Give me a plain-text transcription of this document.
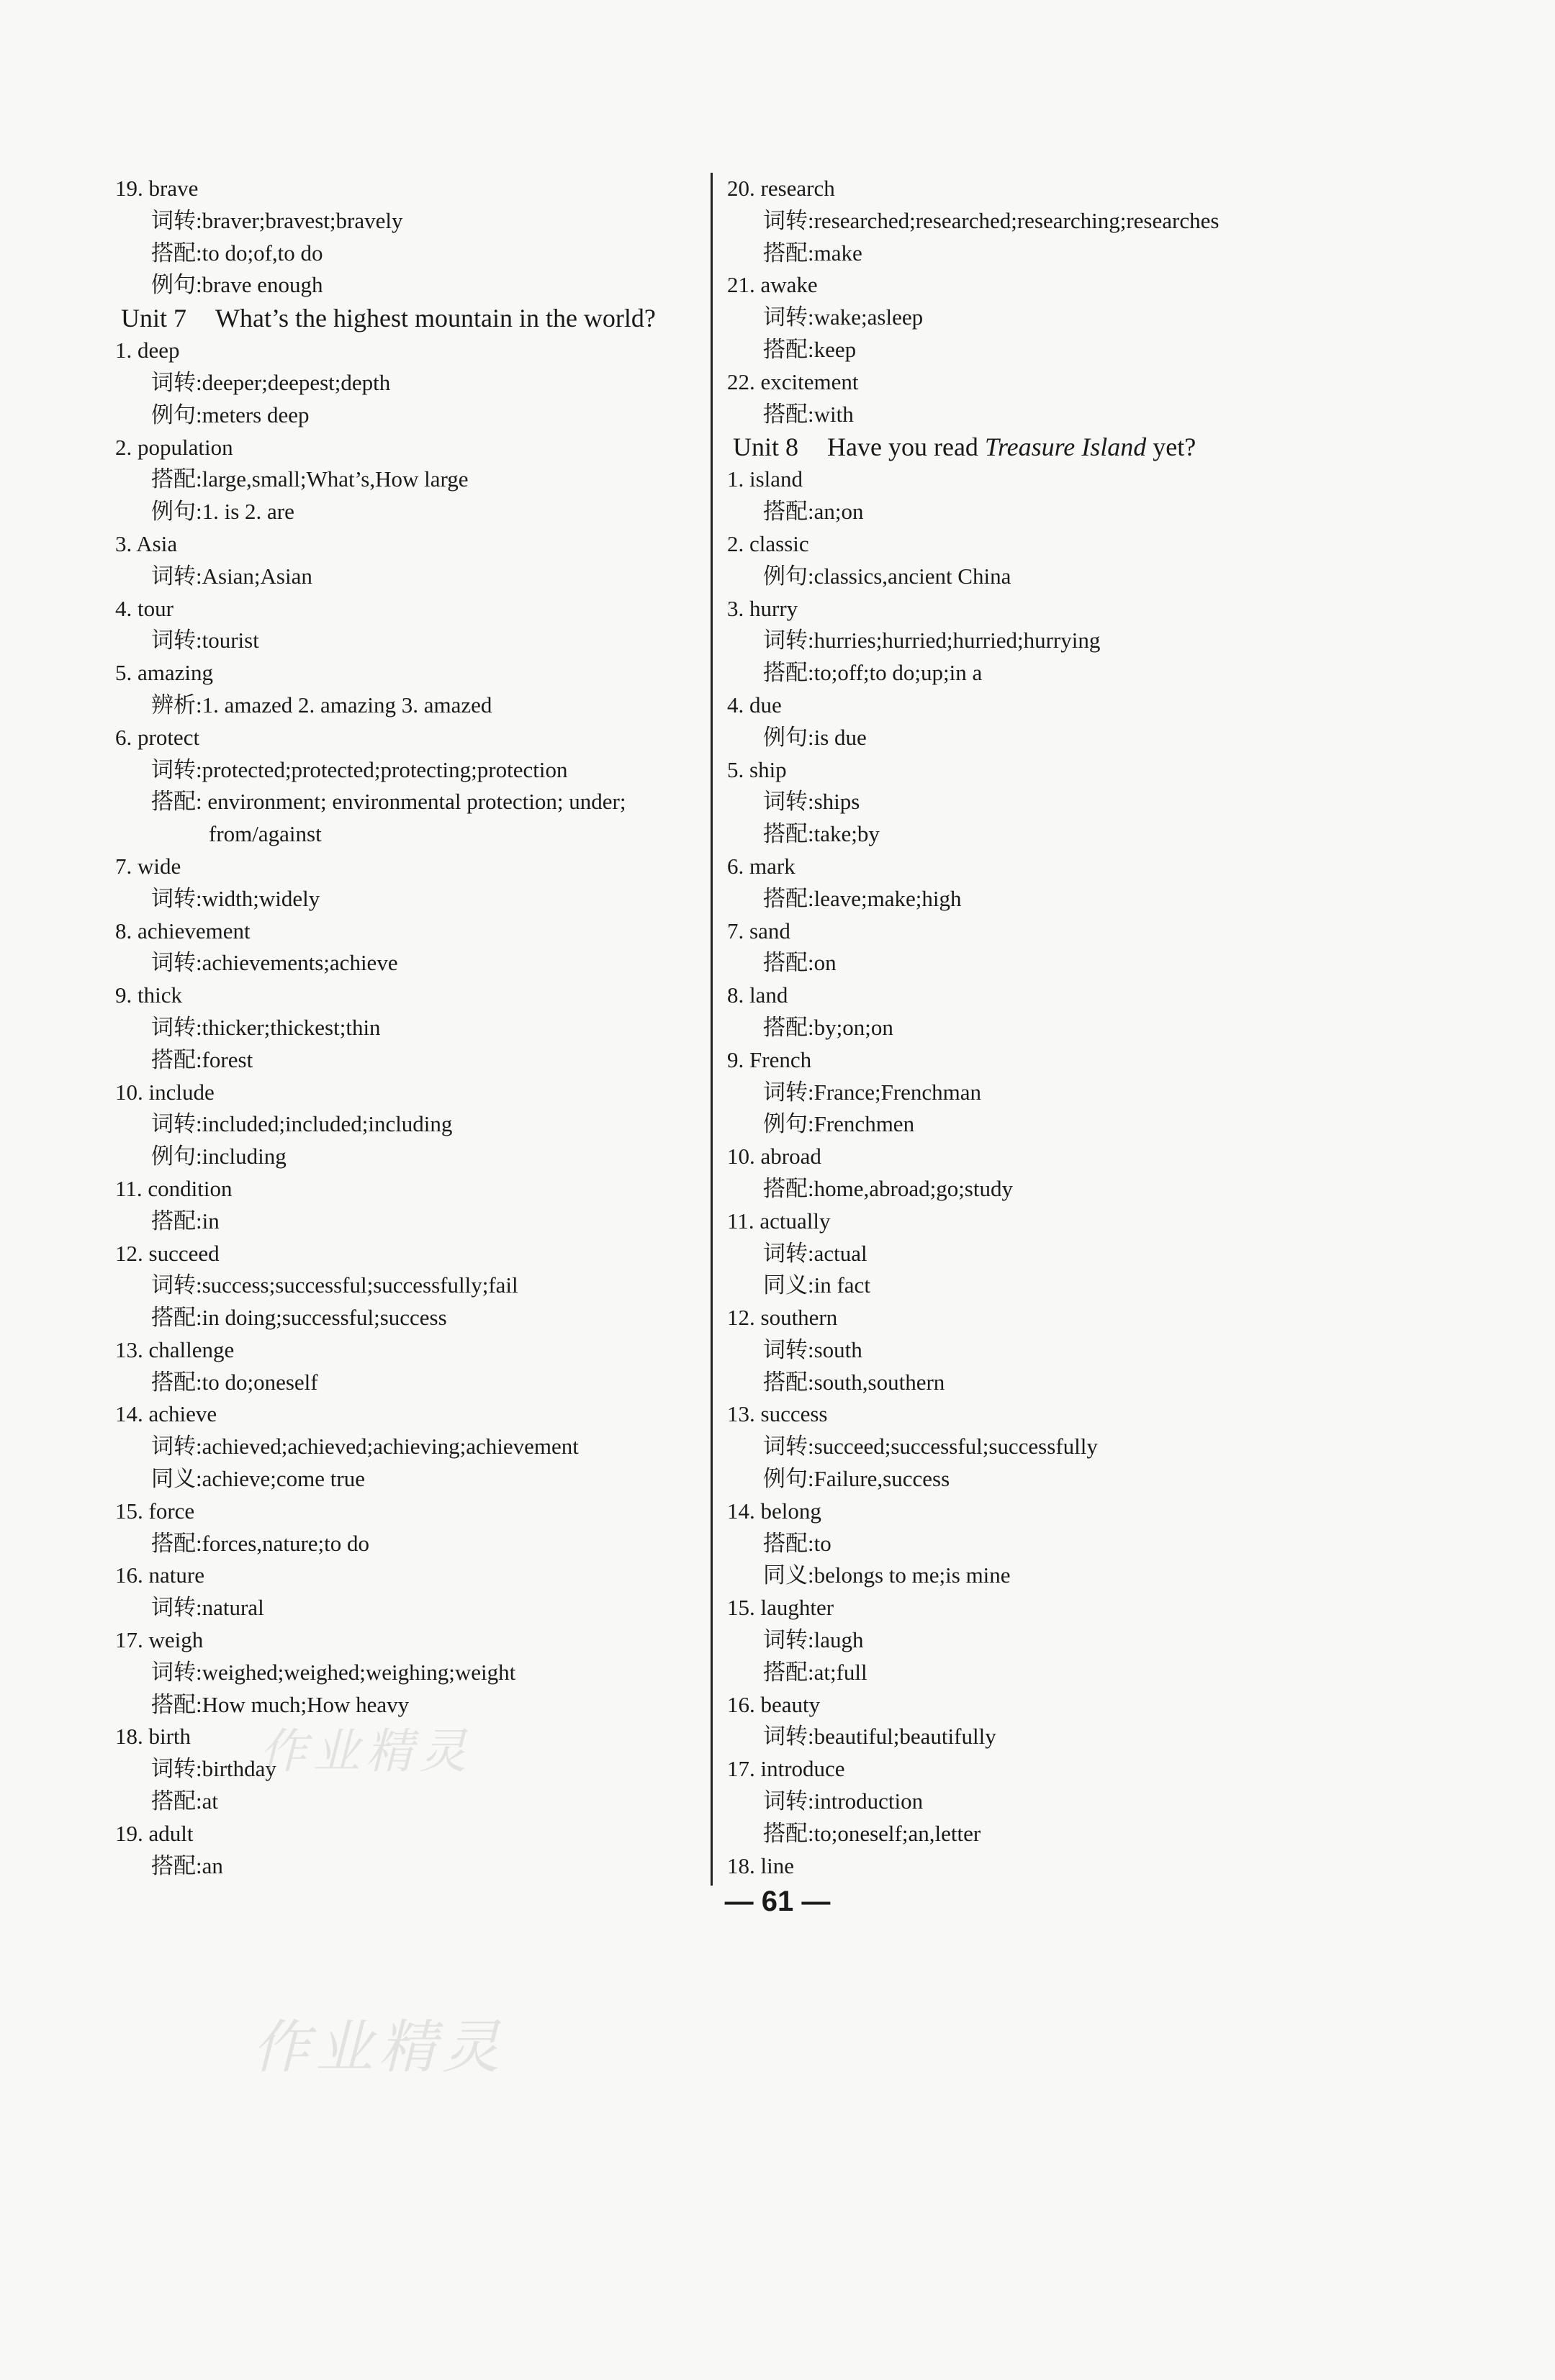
19. brave
词转:braver;bravest;bravely
搭配:to do;of,to do
例句:brave enough
Unit 7 What’s the highest mountain in the world?
1. deep
词转:deeper;deepest;depth
例句:meters deep
2. population
搭配:large,small;What’s,How large
例句:1. is 2. are
3. Asia
词转:Asian;Asian
4. tour
词转:tourist
5. amazing
辨析:1. amazed 2. amazing 3. amazed
6. protect
词转:protected;protected;protecting;protection
搭配: environment; environmental protection; under;
from/against
7. wide
词转:width;widely
8. achievement
词转:achievements;achieve
9. thick
词转:thicker;thickest;thin
搭配:forest
10. include
词转:included;included;including
例句:including
11. condition
搭配:in
12. succeed
词转:success;successful;successfully;fail
搭配:in doing;successful;success
13. challenge
搭配:to do;oneself
14. achieve
词转:achieved;achieved;achieving;achievement
同义:achieve;come true
15. force
搭配:forces,nature;to do
16. nature
词转:natural
17. weigh
词转:weighed;weighed;weighing;weight
搭配:How much;How heavy
18. birth
词转:birthday
搭配:at
19. adult
搭配:an
20. research
词转:researched;researched;researching;researches
搭配:make
21. awake
词转:wake;asleep
搭配:keep
22. excitement
搭配:with
Unit 8 Have you read Treasure Island yet?
1. island
搭配:an;on
2. classic
例句:classics,ancient China
3. hurry
词转:hurries;hurried;hurried;hurrying
搭配:to;off;to do;up;in a
4. due
例句:is due
5. ship
词转:ships
搭配:take;by
6. mark
搭配:leave;make;high
7. sand
搭配:on
8. land
搭配:by;on;on
9. French
词转:France;Frenchman
例句:Frenchmen
10. abroad
搭配:home,abroad;go;study
11. actually
词转:actual
同义:in fact
12. southern
词转:south
搭配:south,southern
13. success
词转:succeed;successful;successfully
例句:Failure,success
14. belong
搭配:to
同义:belongs to me;is mine
15. laughter
词转:laugh
搭配:at;full
16. beauty
词转:beautiful;beautifully
17. introduce
词转:introduction
搭配:to;oneself;an,letter
18. line
— 61 —
作业精灵
作业精灵
